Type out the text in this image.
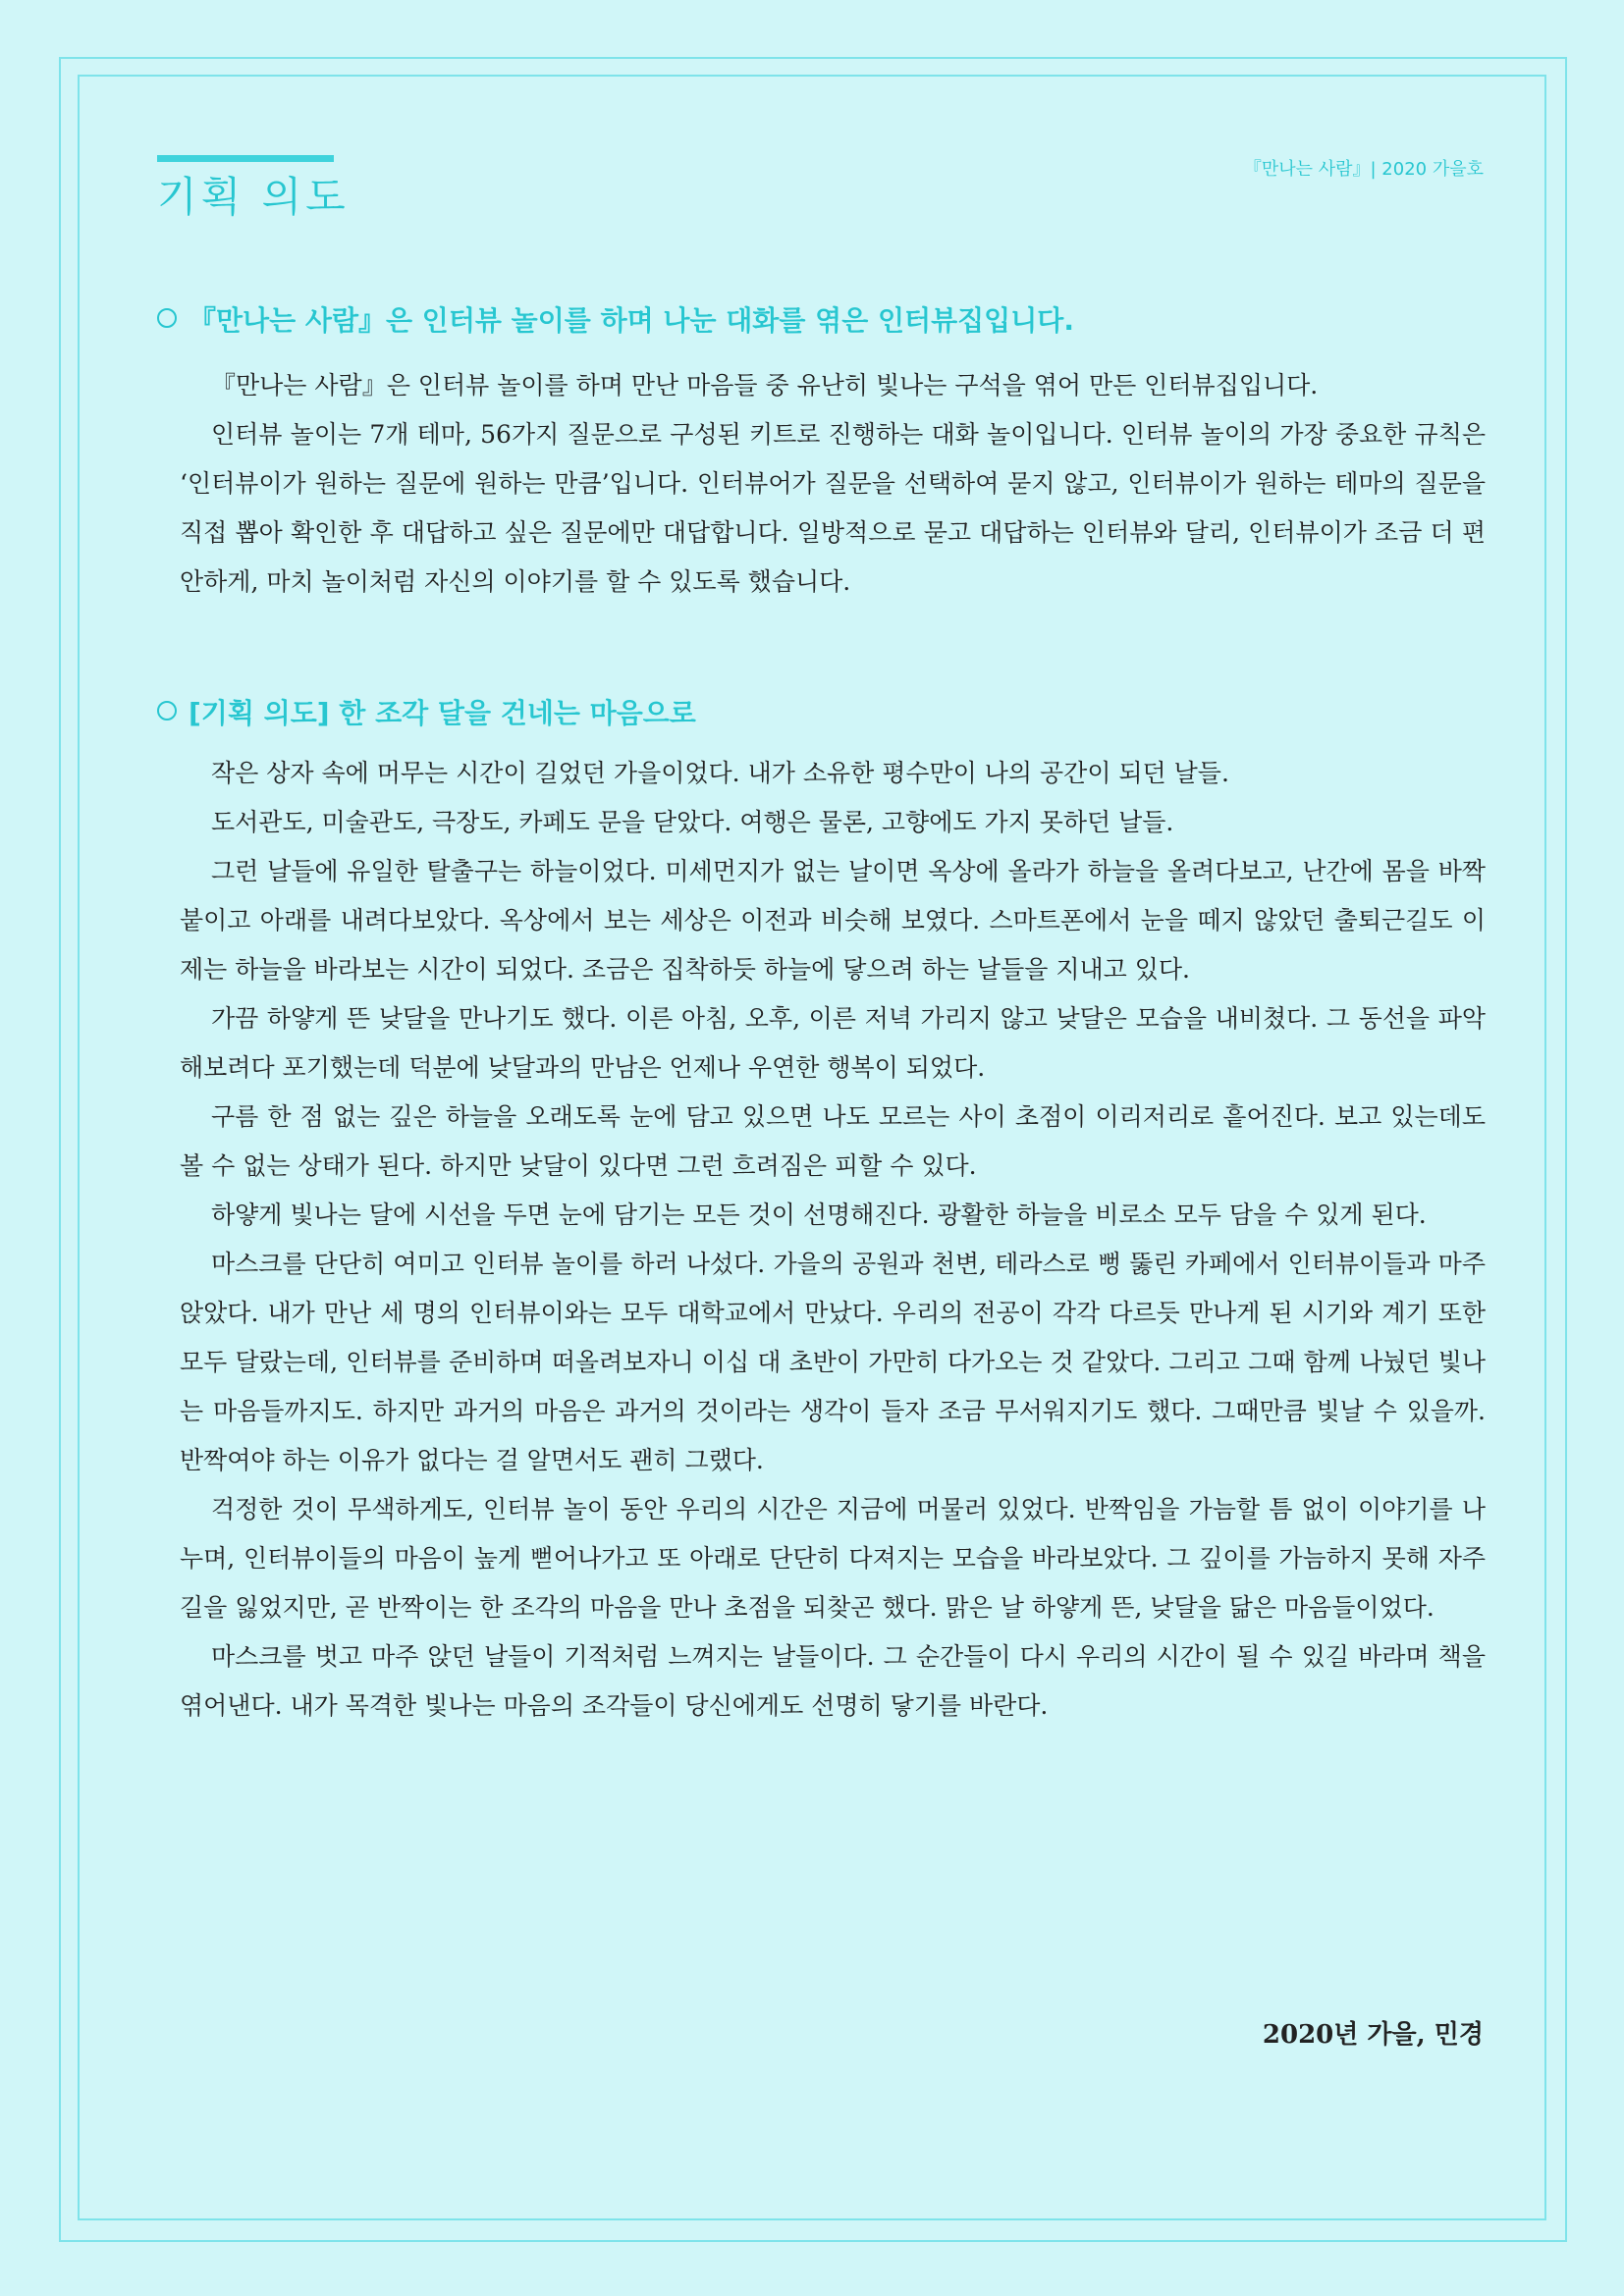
기획 의도
『만나는 사람』| 2020 가을호
『만나는 사람』은 인터뷰 놀이를 하며 나눈 대화를 엮은 인터뷰집입니다.

『만나는 사람』은 인터뷰 놀이를 하며 만난 마음들 중 유난히 빛나는 구석을 엮어 만든 인터뷰집입니다.

인터뷰 놀이는 7개 테마, 56가지 질문으로 구성된 키트로 진행하는 대화 놀이입니다. 인터뷰 놀이의 가장 중요한 규칙은 ‘인터뷰이가 원하는 질문에 원하는 만큼’입니다. 인터뷰어가 질문을 선택하여 묻지 않고, 인터뷰이가 원하는 테마의 질문을 직접 뽑아 확인한 후 대답하고 싶은 질문에만 대답합니다. 일방적으로 묻고 대답하는 인터뷰와 달리, 인터뷰이가 조금 더 편안하게, 마치 놀이처럼 자신의 이야기를 할 수 있도록 했습니다.

[기획 의도] 한 조각 달을 건네는 마음으로

작은 상자 속에 머무는 시간이 길었던 가을이었다. 내가 소유한 평수만이 나의 공간이 되던 날들.

도서관도, 미술관도, 극장도, 카페도 문을 닫았다. 여행은 물론, 고향에도 가지 못하던 날들.

그런 날들에 유일한 탈출구는 하늘이었다. 미세먼지가 없는 날이면 옥상에 올라가 하늘을 올려다보고, 난간에 몸을 바짝 붙이고 아래를 내려다보았다. 옥상에서 보는 세상은 이전과 비슷해 보였다. 스마트폰에서 눈을 떼지 않았던 출퇴근길도 이제는 하늘을 바라보는 시간이 되었다. 조금은 집착하듯 하늘에 닿으려 하는 날들을 지내고 있다.

가끔 하얗게 뜬 낮달을 만나기도 했다. 이른 아침, 오후, 이른 저녁 가리지 않고 낮달은 모습을 내비쳤다. 그 동선을 파악해보려다 포기했는데 덕분에 낮달과의 만남은 언제나 우연한 행복이 되었다.

구름 한 점 없는 깊은 하늘을 오래도록 눈에 담고 있으면 나도 모르는 사이 초점이 이리저리로 흩어진다. 보고 있는데도 볼 수 없는 상태가 된다. 하지만 낮달이 있다면 그런 흐려짐은 피할 수 있다.

하얗게 빛나는 달에 시선을 두면 눈에 담기는 모든 것이 선명해진다. 광활한 하늘을 비로소 모두 담을 수 있게 된다.

마스크를 단단히 여미고 인터뷰 놀이를 하러 나섰다. 가을의 공원과 천변, 테라스로 뻥 뚫린 카페에서 인터뷰이들과 마주 앉았다. 내가 만난 세 명의 인터뷰이와는 모두 대학교에서 만났다. 우리의 전공이 각각 다르듯 만나게 된 시기와 계기 또한 모두 달랐는데, 인터뷰를 준비하며 떠올려보자니 이십 대 초반이 가만히 다가오는 것 같았다. 그리고 그때 함께 나눴던 빛나는 마음들까지도. 하지만 과거의 마음은 과거의 것이라는 생각이 들자 조금 무서워지기도 했다. 그때만큼 빛날 수 있을까. 반짝여야 하는 이유가 없다는 걸 알면서도 괜히 그랬다.

걱정한 것이 무색하게도, 인터뷰 놀이 동안 우리의 시간은 지금에 머물러 있었다. 반짝임을 가늠할 틈 없이 이야기를 나누며, 인터뷰이들의 마음이 높게 뻗어나가고 또 아래로 단단히 다져지는 모습을 바라보았다. 그 깊이를 가늠하지 못해 자주 길을 잃었지만, 곧 반짝이는 한 조각의 마음을 만나 초점을 되찾곤 했다. 맑은 날 하얗게 뜬, 낮달을 닮은 마음들이었다.

마스크를 벗고 마주 앉던 날들이 기적처럼 느껴지는 날들이다. 그 순간들이 다시 우리의 시간이 될 수 있길 바라며 책을 엮어낸다. 내가 목격한 빛나는 마음의 조각들이 당신에게도 선명히 닿기를 바란다.

2020년 가을, 민경
